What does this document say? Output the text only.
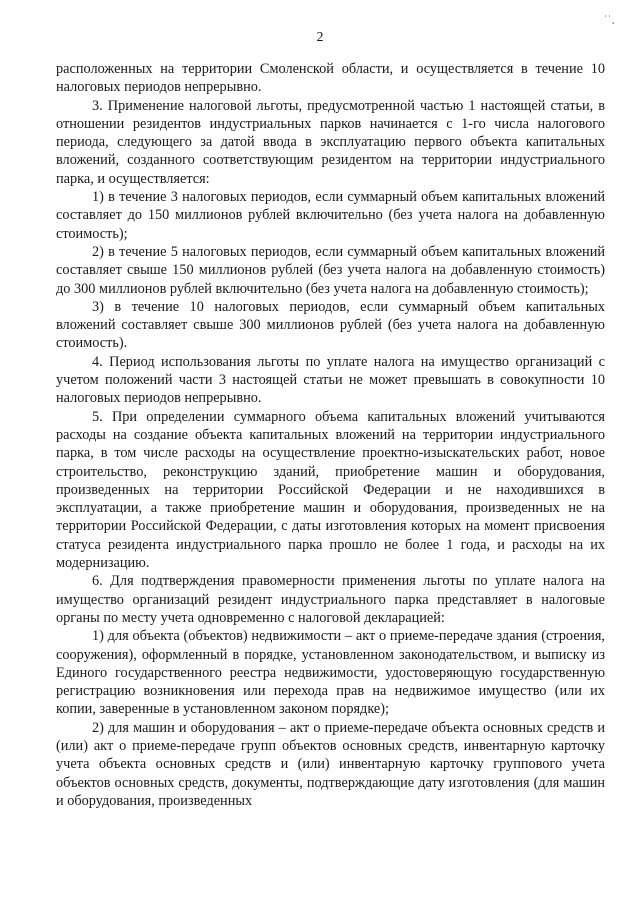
2
ʿ˙˛

расположенных на территории Смоленской области, и осуществляется в течение 10 налоговых периодов непрерывно.

3. Применение налоговой льготы, предусмотренной частью 1 настоящей статьи, в отношении резидентов индустриальных парков начинается с 1-го числа налогового периода, следующего за датой ввода в эксплуатацию первого объекта капитальных вложений, созданного соответствующим резидентом на территории индустриального парка, и осуществляется:

1) в течение 3 налоговых периодов, если суммарный объем капитальных вложений составляет до 150 миллионов рублей включительно (без учета налога на добавленную стоимость);

2) в течение 5 налоговых периодов, если суммарный объем капитальных вложений составляет свыше 150 миллионов рублей (без учета налога на добавленную стоимость) до 300 миллионов рублей включительно (без учета налога на добавленную стоимость);

3) в течение 10 налоговых периодов, если суммарный объем капитальных вложений составляет свыше 300 миллионов рублей (без учета налога на добавленную стоимость).

4. Период использования льготы по уплате налога на имущество организаций с учетом положений части 3 настоящей статьи не может превышать в совокупности 10 налоговых периодов непрерывно.

5. При определении суммарного объема капитальных вложений учитываются расходы на создание объекта капитальных вложений на территории индустриального парка, в том числе расходы на осуществление проектно-изыскательских работ, новое строительство, реконструкцию зданий, приобретение машин и оборудования, произведенных на территории Российской Федерации и не находившихся в эксплуатации, а также приобретение машин и оборудования, произведенных не на территории Российской Федерации, с даты изготовления которых на момент присвоения статуса резидента индустриального парка прошло не более 1 года, и расходы на их модернизацию.

6. Для подтверждения правомерности применения льготы по уплате налога на имущество организаций резидент индустриального парка представляет в налоговые органы по месту учета одновременно с налоговой декларацией:

1) для объекта (объектов) недвижимости – акт о приеме-передаче здания (строения, сооружения), оформленный в порядке, установленном законодательством, и выписку из Единого государственного реестра недвижимости, удостоверяющую государственную регистрацию возникновения или перехода прав на недвижимое имущество (или их копии, заверенные в установленном законом порядке);

2) для машин и оборудования – акт о приеме-передаче объекта основных средств и (или) акт о приеме-передаче групп объектов основных средств, инвентарную карточку учета объекта основных средств и (или) инвентарную карточку группового учета объектов основных средств, документы, подтверждающие дату изготовления (для машин и оборудования, произведенных
